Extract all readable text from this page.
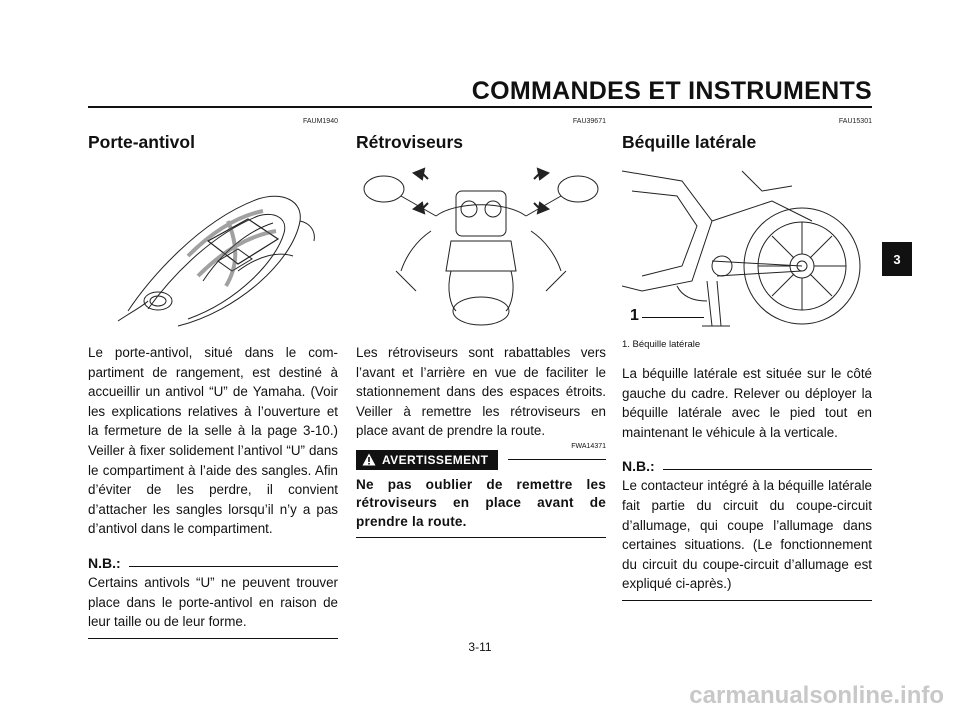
COMMANDES ET INSTRUMENTS
3
FAUM1940
Porte-antivol

Le porte-antivol, situé dans le compartiment de rangement, est destiné à accueillir un antivol “U” de Yamaha. (Voir les explications relatives à l’ouverture et la fermeture de la selle à la page 3-10.) Veiller à fixer solidement l’antivol “U” dans le compartiment à l’aide des sangles. Afin d’éviter de les perdre, il convient d’attacher les sangles lorsqu’il n’y a pas d’antivol dans le compartiment.

N.B.:

Certains antivols “U” ne peuvent trouver place dans le porte-antivol en raison de leur taille ou de leur forme.

FAU39671
Rétroviseurs

Les rétroviseurs sont rabattables vers l’avant et l’arrière en vue de faciliter le stationnement dans des espaces étroits. Veiller à remettre les rétroviseurs en place avant de prendre la route.

FWA14371
AVERTISSEMENT

Ne pas oublier de remettre les rétroviseurs en place avant de prendre la route.

FAU15301
Béquille latérale
1
1. Béquille latérale

La béquille latérale est située sur le côté gauche du cadre. Relever ou déployer la béquille latérale avec le pied tout en maintenant le véhicule à la verticale.

N.B.:

Le contacteur intégré à la béquille latérale fait partie du circuit du coupe-circuit d’allumage, qui coupe l’allumage dans certaines situations. (Le fonctionnement du circuit du coupe-circuit d’allumage est expliqué ci-après.)

3-11
carmanualsonline.info
